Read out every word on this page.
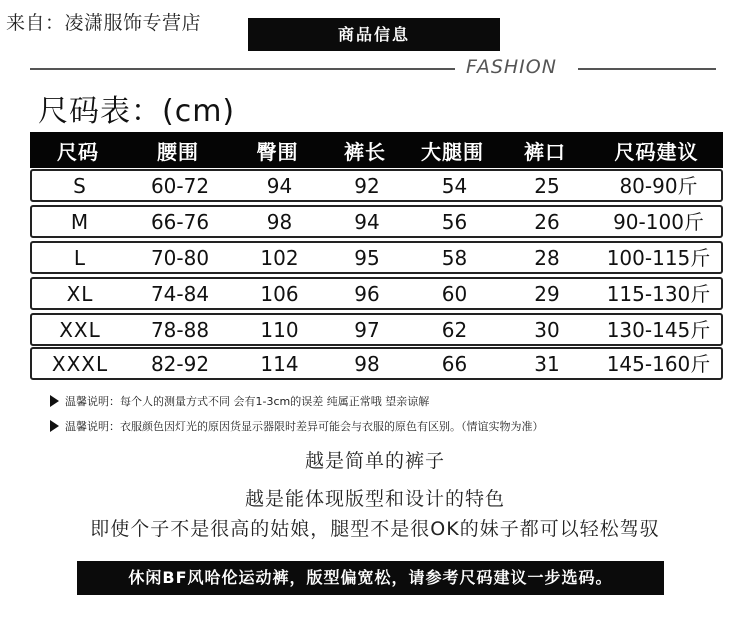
来自：凌潇服饰专营店
商品信息
FASHION
尺码表：(cm)
尺码	腰围	臀围	裤长	大腿围	裤口	尺码建议
S	60-72	94	92	54	25	80-90斤
M	66-76	98	94	56	26	90-100斤
L	70-80	102	95	58	28	100-115斤
XL	74-84	106	96	60	29	115-130斤
XXL	78-88	110	97	62	30	130-145斤
XXXL	82-92	114	98	66	31	145-160斤
温馨说明：每个人的测量方式不同 会有1-3cm的误差 纯属正常哦 望亲谅解
温馨说明：衣服颜色因灯光的原因货显示器限时差异可能会与衣服的原色有区别。（情谊实物为准）
越是简单的裤子
越是能体现版型和设计的特色
即使个子不是很高的姑娘，腿型不是很OK的妹子都可以轻松驾驭
休闲BF风哈伦运动裤，版型偏宽松，请参考尺码建议一步选码。
